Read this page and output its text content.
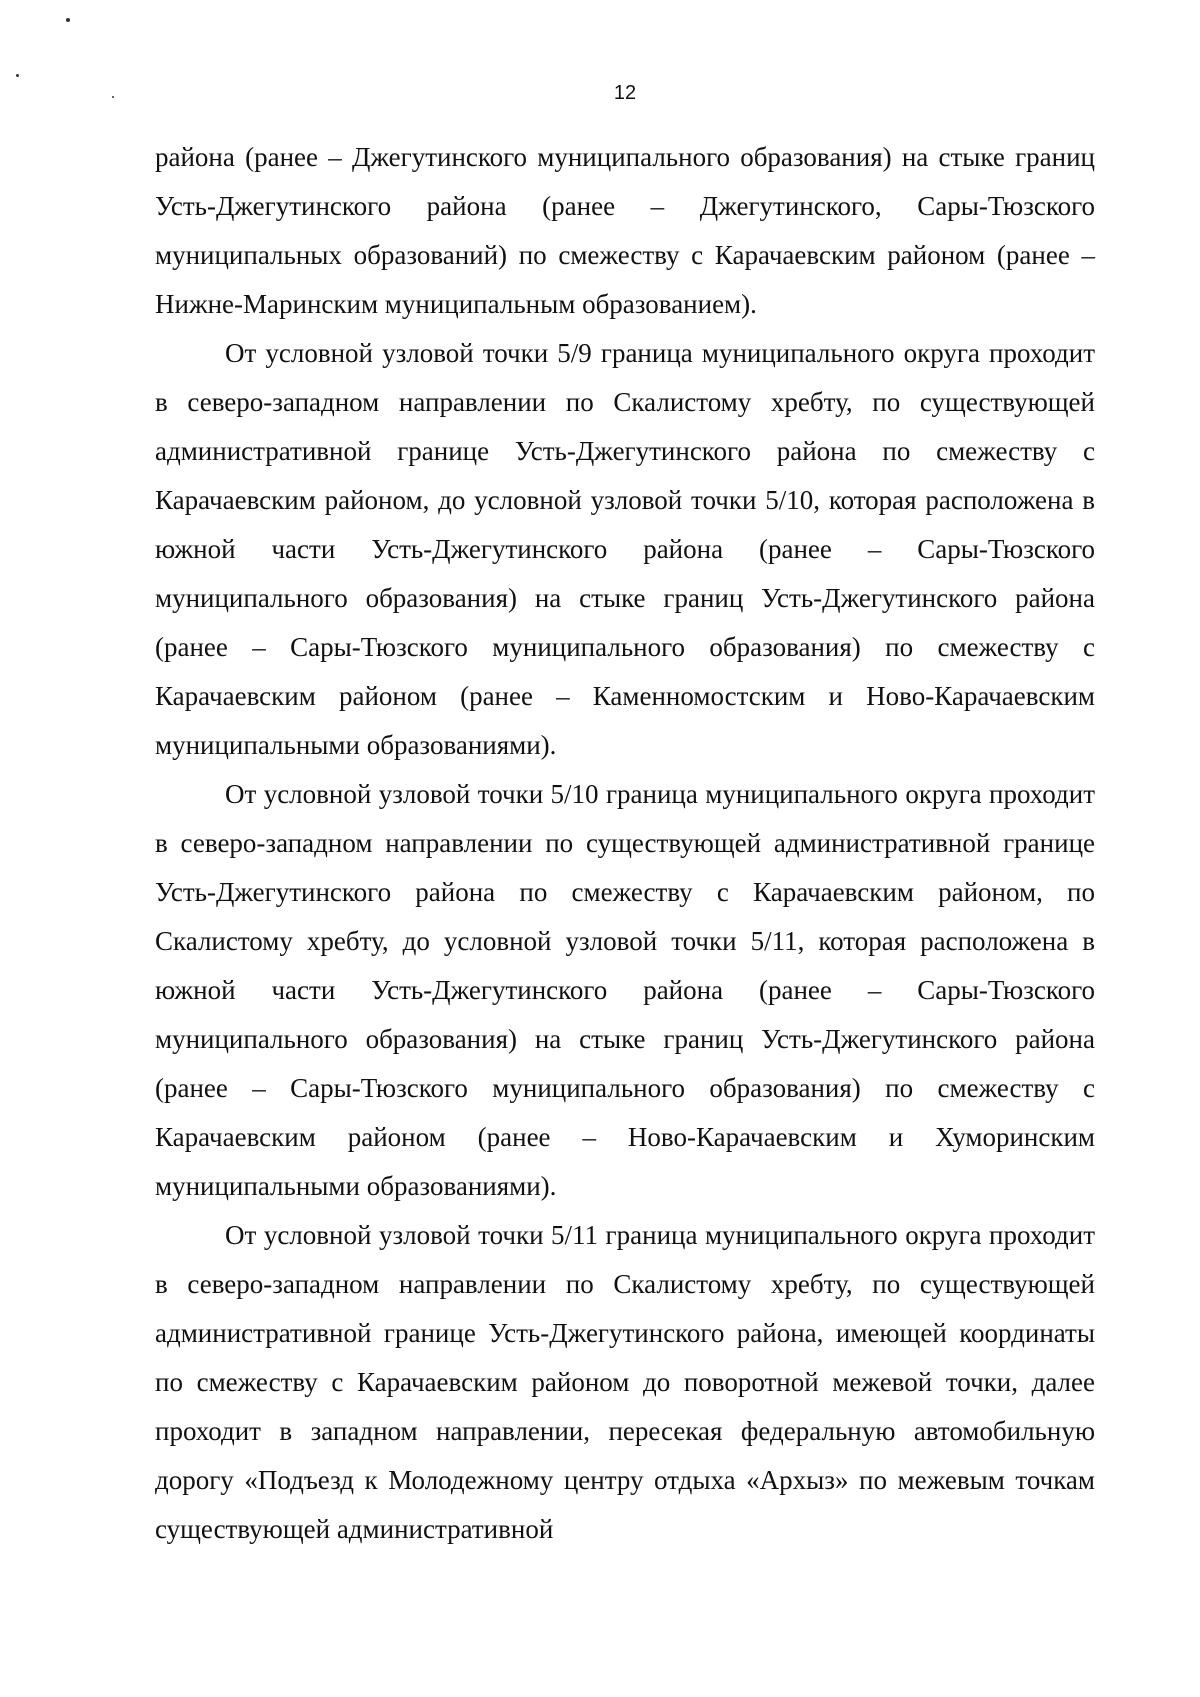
12

района (ранее – Джегутинского муниципального образования) на стыке границ Усть-Джегутинского района (ранее – Джегутинского, Сары-Тюзского муниципальных образований) по смежеству с Карачаевским районом (ранее – Нижне-Маринским муниципальным образованием).

От условной узловой точки 5/9 граница муниципального округа проходит в северо-западном направлении по Скалистому хребту, по существующей административной границе Усть-Джегутинского района по смежеству с Карачаевским районом, до условной узловой точки 5/10, которая расположена в южной части Усть-Джегутинского района (ранее – Сары-Тюзского муниципального образования) на стыке границ Усть-Джегутинского района (ранее – Сары-Тюзского муниципального образования) по смежеству с Карачаевским районом (ранее – Каменномостским и Ново-Карачаевским муниципальными образованиями).

От условной узловой точки 5/10 граница муниципального округа проходит в северо-западном направлении по существующей административной границе Усть-Джегутинского района по смежеству с Карачаевским районом, по Скалистому хребту, до условной узловой точки 5/11, которая расположена в южной части Усть-Джегутинского района (ранее – Сары-Тюзского муниципального образования) на стыке границ Усть-Джегутинского района (ранее – Сары-Тюзского муниципального образования) по смежеству с Карачаевским районом (ранее – Ново-Карачаевским и Хуморинским муниципальными образованиями).

От условной узловой точки 5/11 граница муниципального округа проходит в северо-западном направлении по Скалистому хребту, по существующей административной границе Усть-Джегутинского района, имеющей координаты по смежеству с Карачаевским районом до поворотной межевой точки, далее проходит в западном направлении, пересекая федеральную автомобильную дорогу «Подъезд к Молодежному центру отдыха «Архыз» по межевым точкам существующей административной
